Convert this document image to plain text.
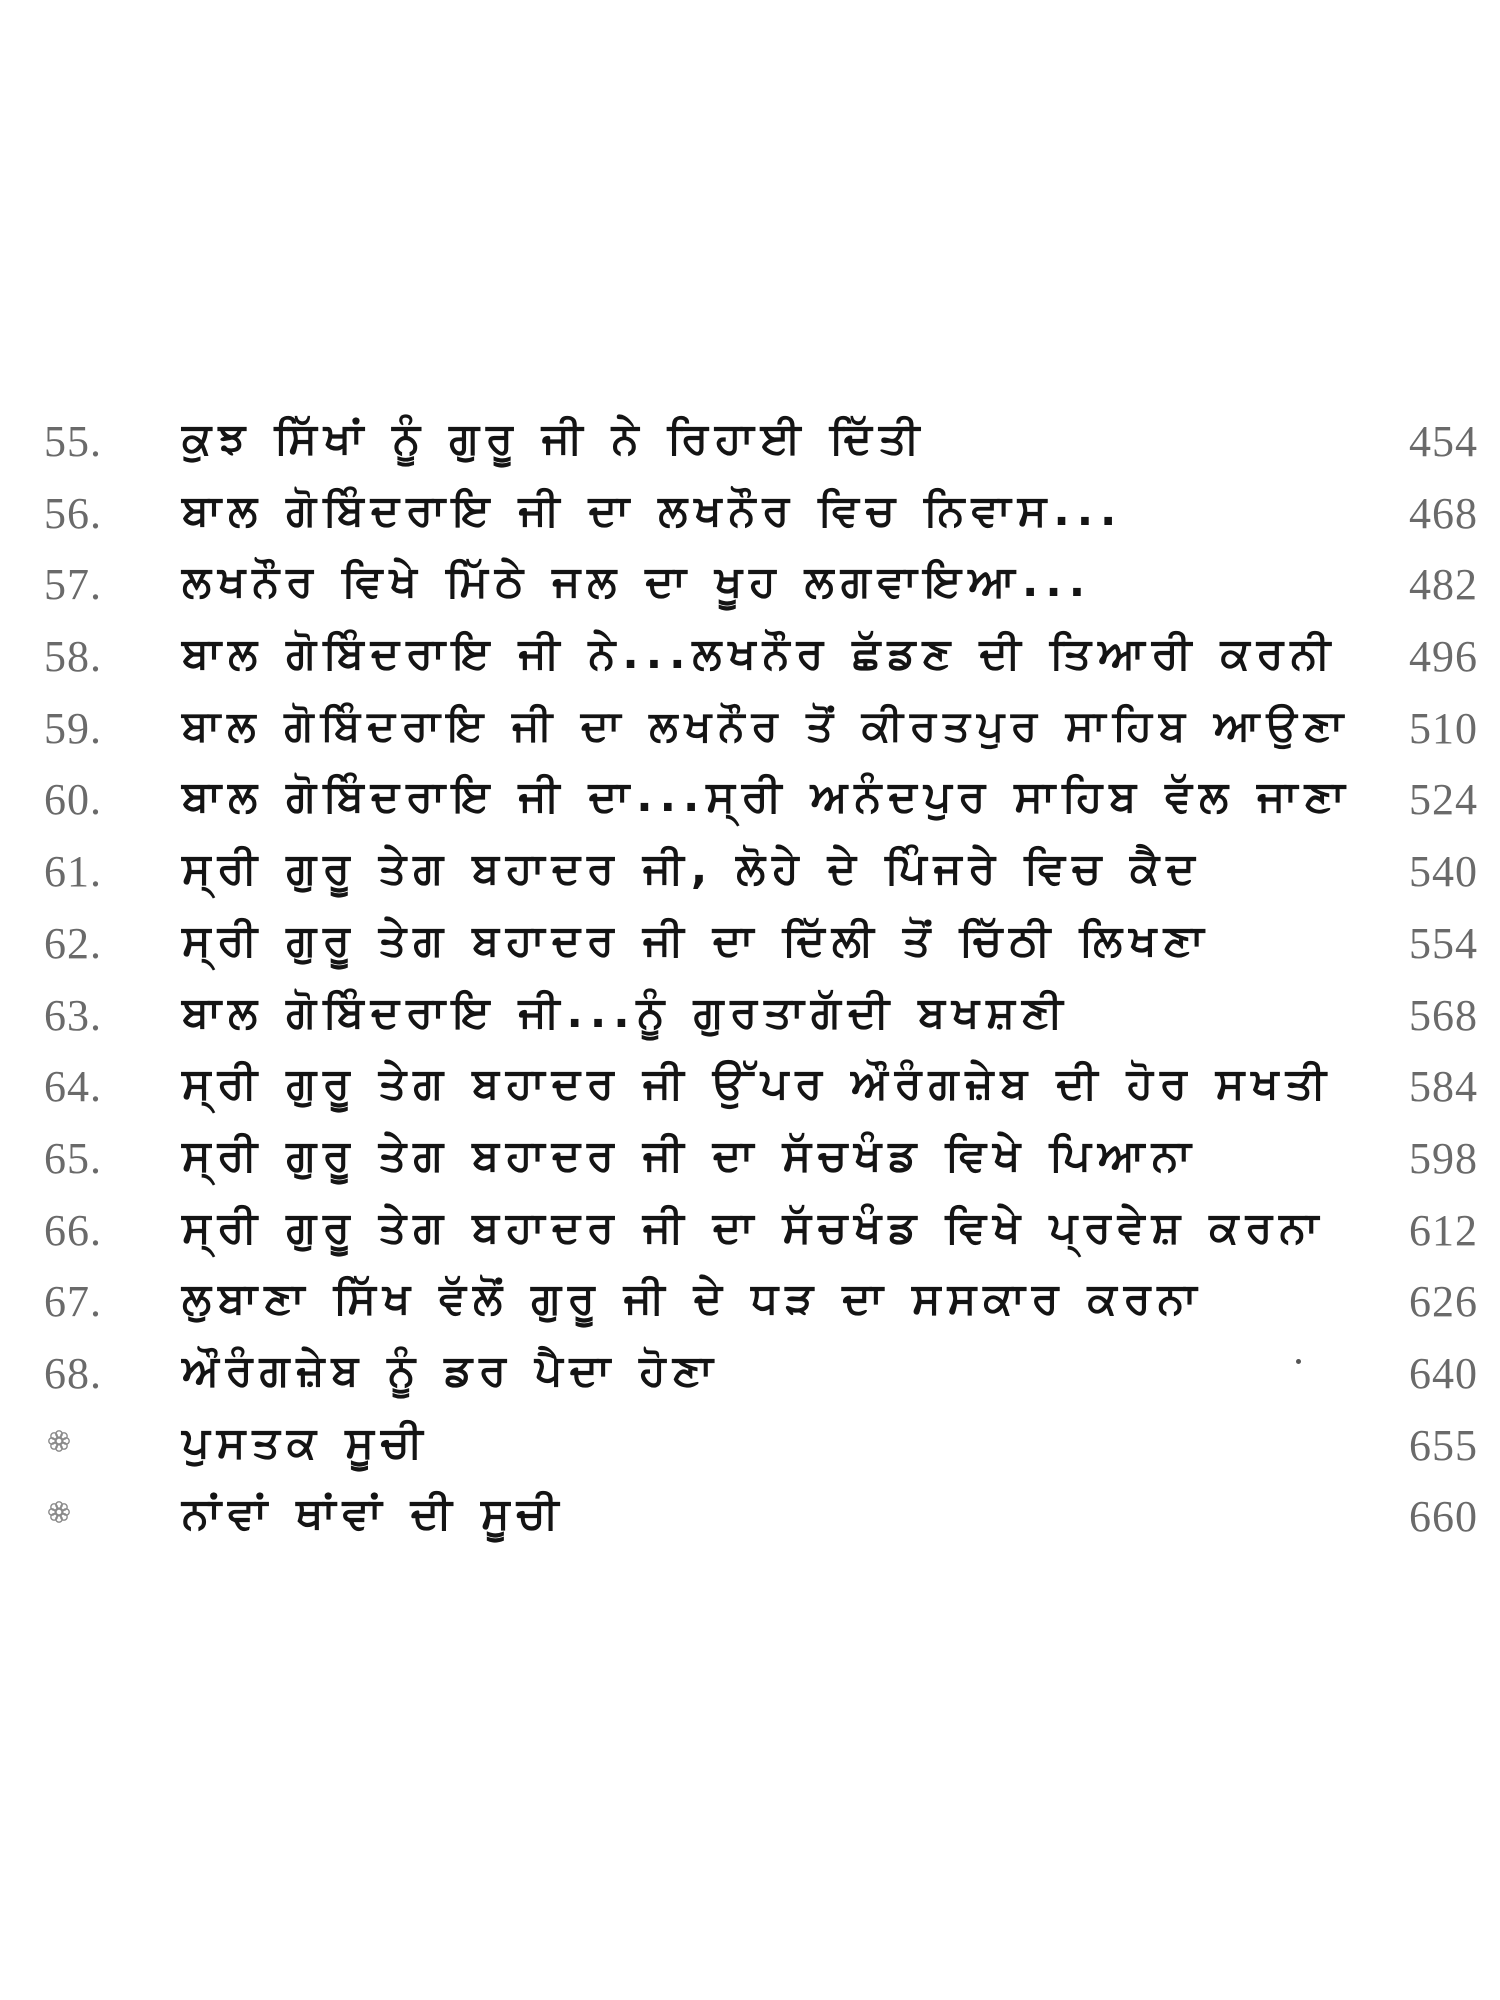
55. ਕੁਝ ਸਿੱਖਾਂ ਨੂੰ ਗੁਰੂ ਜੀ ਨੇ ਰਿਹਾਈ ਦਿੱਤੀ	454
56. ਬਾਲ ਗੋਬਿੰਦਰਾਇ ਜੀ ਦਾ ਲਖਨੌਰ ਵਿਚ ਨਿਵਾਸ...	468
57. ਲਖਨੌਰ ਵਿਖੇ ਮਿੱਠੇ ਜਲ ਦਾ ਖੂਹ ਲਗਵਾਇਆ...	482
58. ਬਾਲ ਗੋਬਿੰਦਰਾਇ ਜੀ ਨੇ...ਲਖਨੌਰ ਛੱਡਣ ਦੀ ਤਿਆਰੀ ਕਰਨੀ 496
59. ਬਾਲ ਗੋਬਿੰਦਰਾਇ ਜੀ ਦਾ ਲਖਨੌਰ ਤੋਂ ਕੀਰਤਪੁਰ ਸਾਹਿਬ ਆਉਣਾ 510
60. ਬਾਲ ਗੋਬਿੰਦਰਾਇ ਜੀ ਦਾ...ਸ੍ਰੀ ਅਨੰਦਪੁਰ ਸਾਹਿਬ ਵੱਲ ਜਾਣਾ 524
61. ਸ੍ਰੀ ਗੁਰੂ ਤੇਗ ਬਹਾਦਰ ਜੀ, ਲੋਹੇ ਦੇ ਪਿੰਜਰੇ ਵਿਚ ਕੈਦ	540
62. ਸ੍ਰੀ ਗੁਰੂ ਤੇਗ ਬਹਾਦਰ ਜੀ ਦਾ ਦਿੱਲੀ ਤੋਂ ਚਿੱਠੀ ਲਿਖਣਾ	554
63. ਬਾਲ ਗੋਬਿੰਦਰਾਇ ਜੀ...ਨੂੰ ਗੁਰਤਾਗੱਦੀ ਬਖਸ਼ਣੀ	568
64. ਸ੍ਰੀ ਗੁਰੂ ਤੇਗ ਬਹਾਦਰ ਜੀ ਉੱਪਰ ਔਰੰਗਜ਼ੇਬ ਦੀ ਹੋਰ ਸਖਤੀ 584
65. ਸ੍ਰੀ ਗੁਰੂ ਤੇਗ ਬਹਾਦਰ ਜੀ ਦਾ ਸੱਚਖੰਡ ਵਿਖੇ ਪਿਆਨਾ	598
66. ਸ੍ਰੀ ਗੁਰੂ ਤੇਗ ਬਹਾਦਰ ਜੀ ਦਾ ਸੱਚਖੰਡ ਵਿਖੇ ਪ੍ਰਵੇਸ਼ ਕਰਨਾ 612
67. ਲੁਬਾਣਾ ਸਿੱਖ ਵੱਲੋਂ ਗੁਰੂ ਜੀ ਦੇ ਧੜ ਦਾ ਸਸਕਾਰ ਕਰਨਾ	626
68. ਔਰੰਗਜ਼ੇਬ ਨੂੰ ਡਰ ਪੈਦਾ ਹੋਣਾ	640
ਪੁਸਤਕ ਸੂਚੀ	655
ਨਾਂਵਾਂ ਥਾਂਵਾਂ ਦੀ ਸੂਚੀ	660
